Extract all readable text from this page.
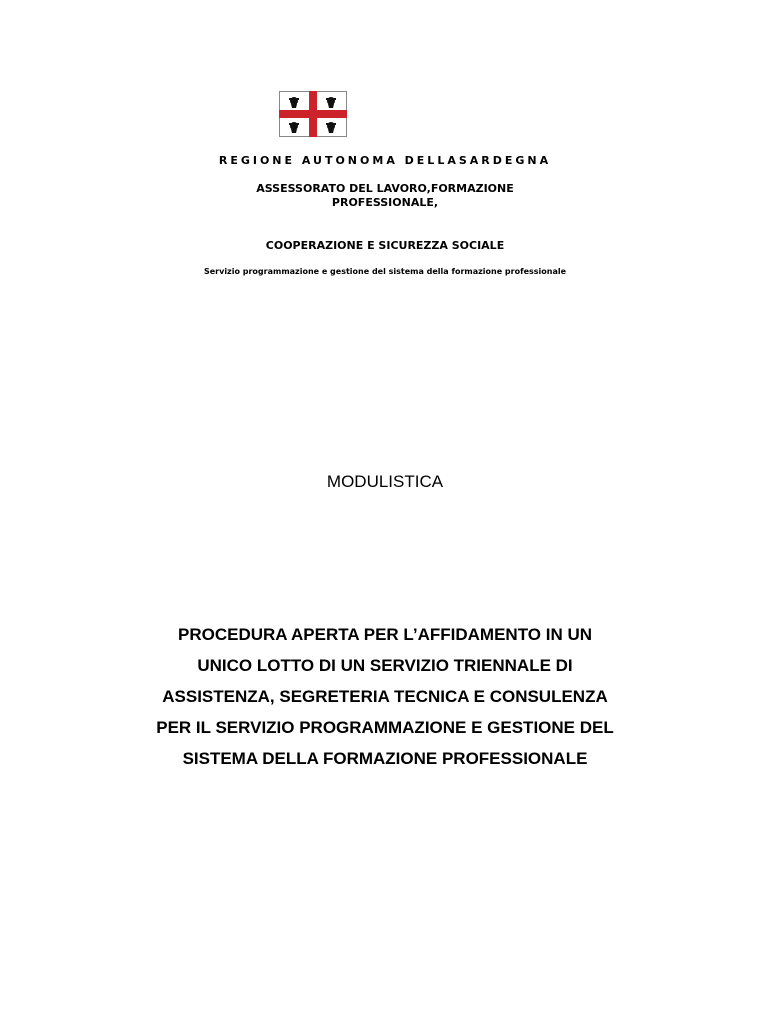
REGIONE AUTONOMA DELLASARDEGNA
ASSESSORATO DEL LAVORO,FORMAZIONE
PROFESSIONALE,
COOPERAZIONE E SICUREZZA SOCIALE
Servizio programmazione e gestione del sistema della formazione professionale
MODULISTICA
PROCEDURA APERTA PER L’AFFIDAMENTO IN UN
UNICO LOTTO DI UN SERVIZIO TRIENNALE DI
ASSISTENZA, SEGRETERIA TECNICA E CONSULENZA
PER IL SERVIZIO PROGRAMMAZIONE E GESTIONE DEL
SISTEMA DELLA FORMAZIONE PROFESSIONALE
